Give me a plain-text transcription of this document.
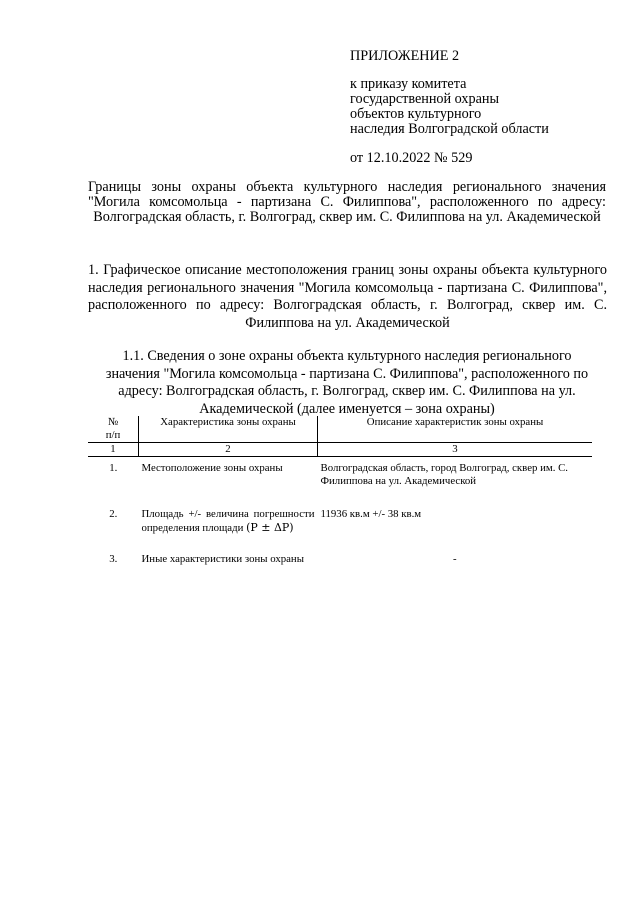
ПРИЛОЖЕНИЕ 2
к приказу комитета
государственной охраны
объектов культурного
наследия Волгоградской области
от 12.10.2022 № 529
Границы зоны охраны объекта культурного наследия регионального значения "Могила комсомольца - партизана С. Филиппова", расположенного по адресу: Волгоградская область, г. Волгоград, сквер им. С. Филиппова на ул. Академической
1. Графическое описание местоположения границ зоны охраны объекта культурного наследия регионального значения "Могила комсомольца - партизана С. Филиппова", расположенного по адресу: Волгоградская область, г. Волгоград, сквер им. С. Филиппова на ул. Академической
1.1. Сведения о зоне охраны объекта культурного наследия регионального значения "Могила комсомольца - партизана С. Филиппова", расположенного по адресу: Волгоградская область, г. Волгоград, сквер им. С. Филиппова на ул. Академической (далее именуется – зона охраны)
№
п/п	Характеристика зоны охраны	Описание характеристик зоны охраны
1	2	3
1.	Местоположение зоны охраны	Волгоградская область, город Волгоград, сквер им. С. Филиппова на ул. Академической
2.	Площадь +/- величина погрешности определения площади (P ± ΔP)	11936 кв.м +/- 38 кв.м
3.	Иные характеристики зоны охраны	-
